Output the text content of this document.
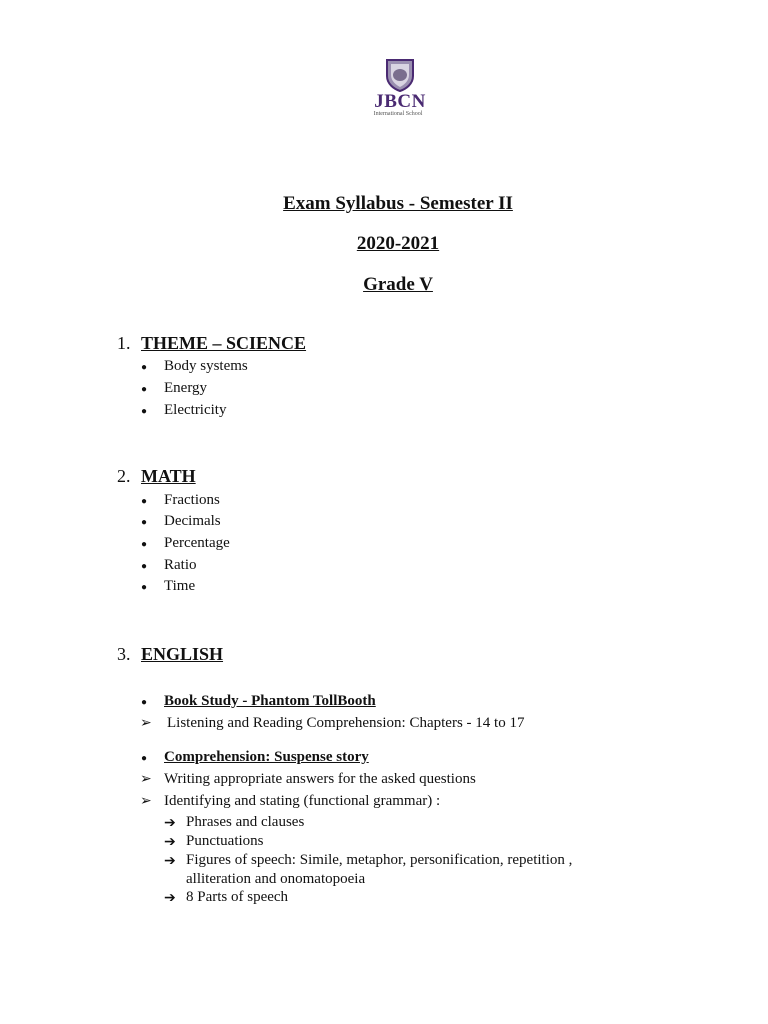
JBCN
International School
Exam Syllabus - Semester II
2020-2021
Grade V
1. THEME – SCIENCE
● Body systems
● Energy
● Electricity
2. MATH
● Fractions
● Decimals
● Percentage
● Ratio
● Time
3. ENGLISH
● Book Study - Phantom TollBooth
➢ Listening and Reading Comprehension: Chapters - 14 to 17
● Comprehension: Suspense story
➢ Writing appropriate answers for the asked questions
➢ Identifying and stating (functional grammar) :
➔ Phrases and clauses
➔ Punctuations
➔ Figures of speech: Simile, metaphor, personification, repetition ,
alliteration and onomatopoeia
➔ 8 Parts of speech
